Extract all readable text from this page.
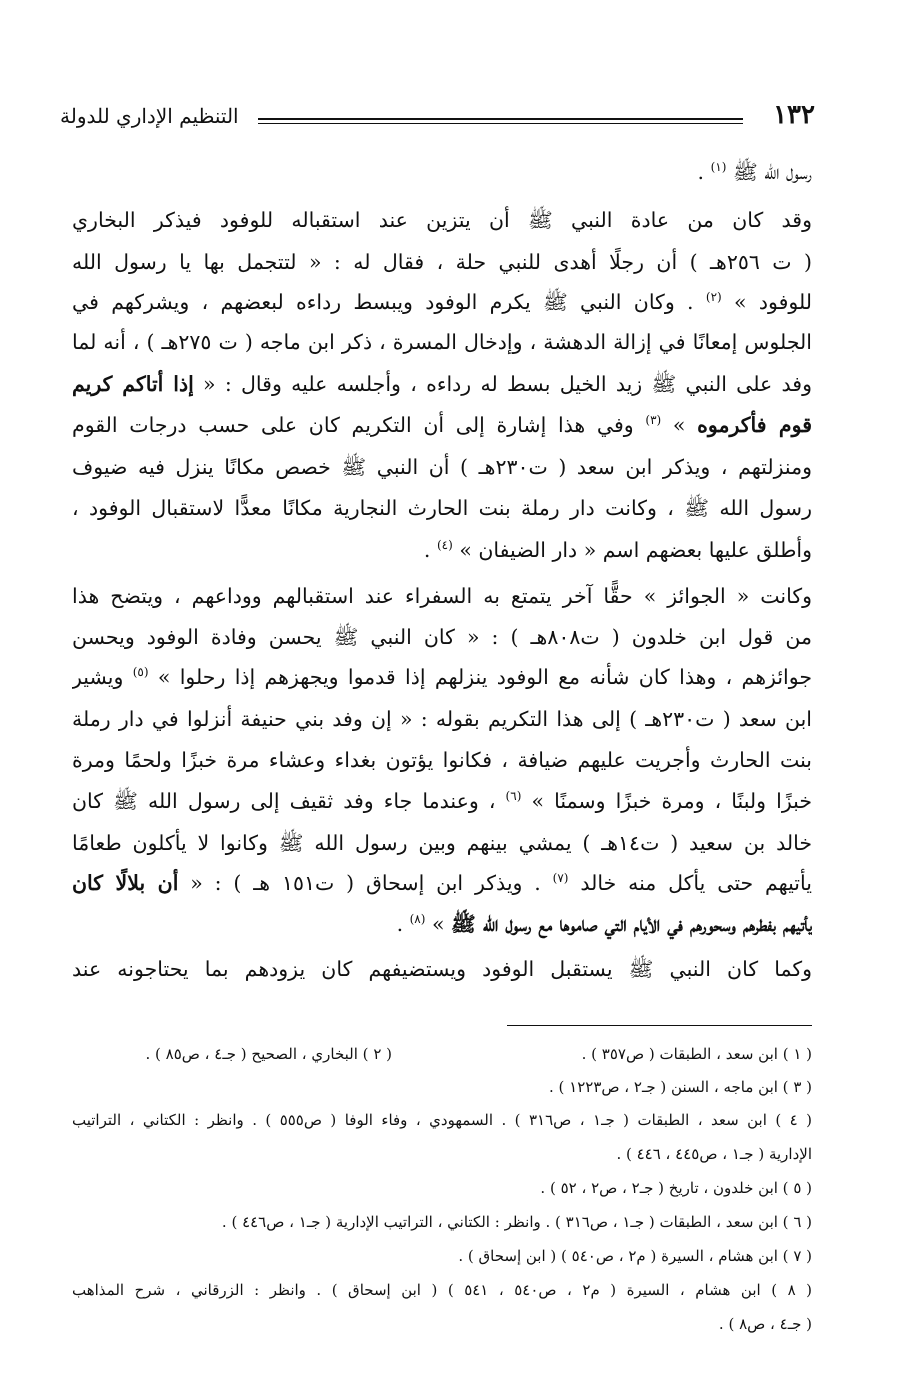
١٣٢
التنظيم الإداري للدولة
رسول الله ﷺ $^{(١)}$ .
وقد كان من عادة النبي ﷺ أن يتزين عند استقباله للوفود فيذكر البخاري
( ت ٢٥٦هـ ) أن رجلًا أهدى للنبي حلة ، فقال له : « لتتجمل بها يا رسول الله
للوفود » $^{(٢)}$ . وكان النبي ﷺ يكرم الوفود ويبسط رداءه لبعضهم ، ويشركهم في
الجلوس إمعانًا في إزالة الدهشة ، وإدخال المسرة ، ذكر ابن ماجه ( ت ٢٧٥هـ ) ، أنه لما
وفد على النبي ﷺ زيد الخيل بسط له رداءه ، وأجلسه عليه وقال : « إذا أتاكم كريم
قوم فأكرموه » $^{(٣)}$ وفي هذا إشارة إلى أن التكريم كان على حسب درجات القوم
ومنزلتهم ، ويذكر ابن سعد ( ت٢٣٠هـ ) أن النبي ﷺ خصص مكانًا ينزل فيه ضيوف
رسول الله ﷺ ، وكانت دار رملة بنت الحارث النجارية مكانًا معدًّا لاستقبال الوفود ،
وأطلق عليها بعضهم اسم « دار الضيفان » $^{(٤)}$ .
وكانت « الجوائز » حقًّا آخر يتمتع به السفراء عند استقبالهم ووداعهم ، ويتضح هذا
من قول ابن خلدون ( ت٨٠٨هـ ) : « كان النبي ﷺ يحسن وفادة الوفود ويحسن
جوائزهم ، وهذا كان شأنه مع الوفود ينزلهم إذا قدموا ويجهزهم إذا رحلوا » $^{(٥)}$ ويشير
ابن سعد ( ت٢٣٠هـ ) إلى هذا التكريم بقوله : « إن وفد بني حنيفة أنزلوا في دار رملة
بنت الحارث وأجريت عليهم ضيافة ، فكانوا يؤتون بغداء وعشاء مرة خبزًا ولحمًا ومرة
خبزًا ولبنًا ، ومرة خبزًا وسمنًا » $^{(٦)}$ ، وعندما جاء وفد ثقيف إلى رسول الله ﷺ كان
خالد بن سعيد ( ت١٤هـ ) يمشي بينهم وبين رسول الله ﷺ وكانوا لا يأكلون طعامًا
يأتيهم حتى يأكل منه خالد $^{(٧)}$ . ويذكر ابن إسحاق ( ت١٥١ هـ ) : « أن بلالًا كان
يأتيهم بفطرهم وسحورهم في الأيام التي صاموها مع رسول الله ﷺ » $^{(٨)}$ .
وكما كان النبي ﷺ يستقبل الوفود ويستضيفهم كان يزودهم بما يحتاجونه عند
( ١ ) ابن سعد ، الطبقات ( ص٣٥٧ ) .
( ٢ ) البخاري ، الصحيح ( جـ٤ ، ص٨٥ ) .
( ٣ ) ابن ماجه ، السنن ( جـ٢ ، ص١٢٢٣ ) .
( ٤ ) ابن سعد ، الطبقات ( جـ١ ، ص٣١٦ ) . السمهودي ، وفاء الوفا ( ص٥٥٥ ) . وانظر : الكتاني ، التراتيب
الإدارية ( جـ١ ، ص٤٤٥ ، ٤٤٦ ) .
( ٥ ) ابن خلدون ، تاريخ ( جـ٢ ، ص٢ ، ٥٢ ) .
( ٦ ) ابن سعد ، الطبقات ( جـ١ ، ص٣١٦ ) . وانظر : الكتاني ، التراتيب الإدارية ( جـ١ ، ص٤٤٦ ) .
( ٧ ) ابن هشام ، السيرة ( م٢ ، ص٥٤٠ ) ( ابن إسحاق ) .
( ٨ ) ابن هشام ، السيرة ( م٢ ، ص٥٤٠ ، ٥٤١ ) ( ابن إسحاق ) . وانظر : الزرقاني ، شرح المذاهب
( جـ٤ ، ص٨ ) .
